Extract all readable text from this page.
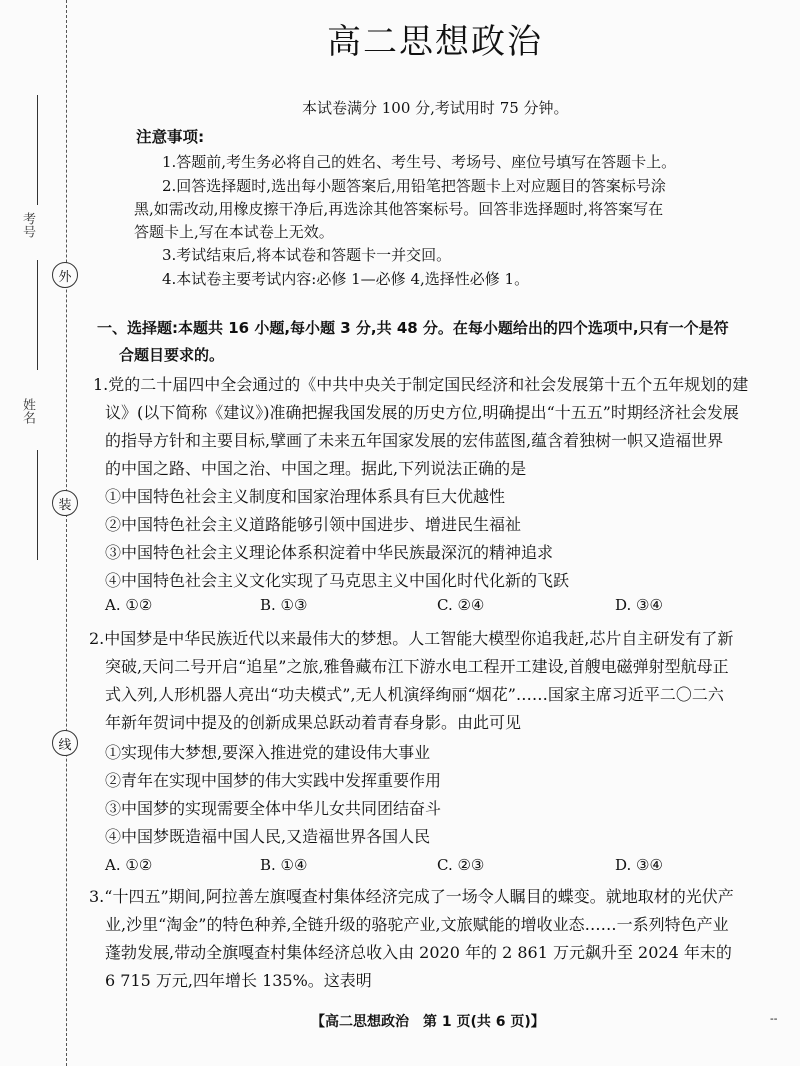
考号
姓名
外
装
线
高二思想政治
本试卷满分 100 分,考试用时 75 分钟。
注意事项:
1.答题前,考生务必将自己的姓名、考生号、考场号、座位号填写在答题卡上。
2.回答选择题时,选出每小题答案后,用铅笔把答题卡上对应题目的答案标号涂
黑,如需改动,用橡皮擦干净后,再选涂其他答案标号。回答非选择题时,将答案写在
答题卡上,写在本试卷上无效。
3.考试结束后,将本试卷和答题卡一并交回。
4.本试卷主要考试内容:必修 1—必修 4,选择性必修 1。
一、选择题:本题共 16 小题,每小题 3 分,共 48 分。在每小题给出的四个选项中,只有一个是符
合题目要求的。
1.党的二十届四中全会通过的《中共中央关于制定国民经济和社会发展第十五个五年规划的建
议》(以下简称《建议》)准确把握我国发展的历史方位,明确提出“十五五”时期经济社会发展
的指导方针和主要目标,擘画了未来五年国家发展的宏伟蓝图,蕴含着独树一帜又造福世界
的中国之路、中国之治、中国之理。据此,下列说法正确的是
①中国特色社会主义制度和国家治理体系具有巨大优越性
②中国特色社会主义道路能够引领中国进步、增进民生福祉
③中国特色社会主义理论体系积淀着中华民族最深沉的精神追求
④中国特色社会主义文化实现了马克思主义中国化时代化新的飞跃
A. ①②	B. ①③	C. ②④	D. ③④
2.中国梦是中华民族近代以来最伟大的梦想。人工智能大模型你追我赶,芯片自主研发有了新
突破,天问二号开启“追星”之旅,雅鲁藏布江下游水电工程开工建设,首艘电磁弹射型航母正
式入列,人形机器人亮出“功夫模式”,无人机演绎绚丽“烟花”……国家主席习近平二〇二六
年新年贺词中提及的创新成果总跃动着青春身影。由此可见
①实现伟大梦想,要深入推进党的建设伟大事业
②青年在实现中国梦的伟大实践中发挥重要作用
③中国梦的实现需要全体中华儿女共同团结奋斗
④中国梦既造福中国人民,又造福世界各国人民
A. ①②	B. ①④	C. ②③	D. ③④
3.“十四五”期间,阿拉善左旗嘎查村集体经济完成了一场令人瞩目的蝶变。就地取材的光伏产
业,沙里“淘金”的特色种养,全链升级的骆驼产业,文旅赋能的增收业态……一系列特色产业
蓬勃发展,带动全旗嘎查村集体经济总收入由 2020 年的 2 861 万元飙升至 2024 年末的
6 715 万元,四年增长 135%。这表明
【高二思想政治　第 1 页(共 6 页)】	--
